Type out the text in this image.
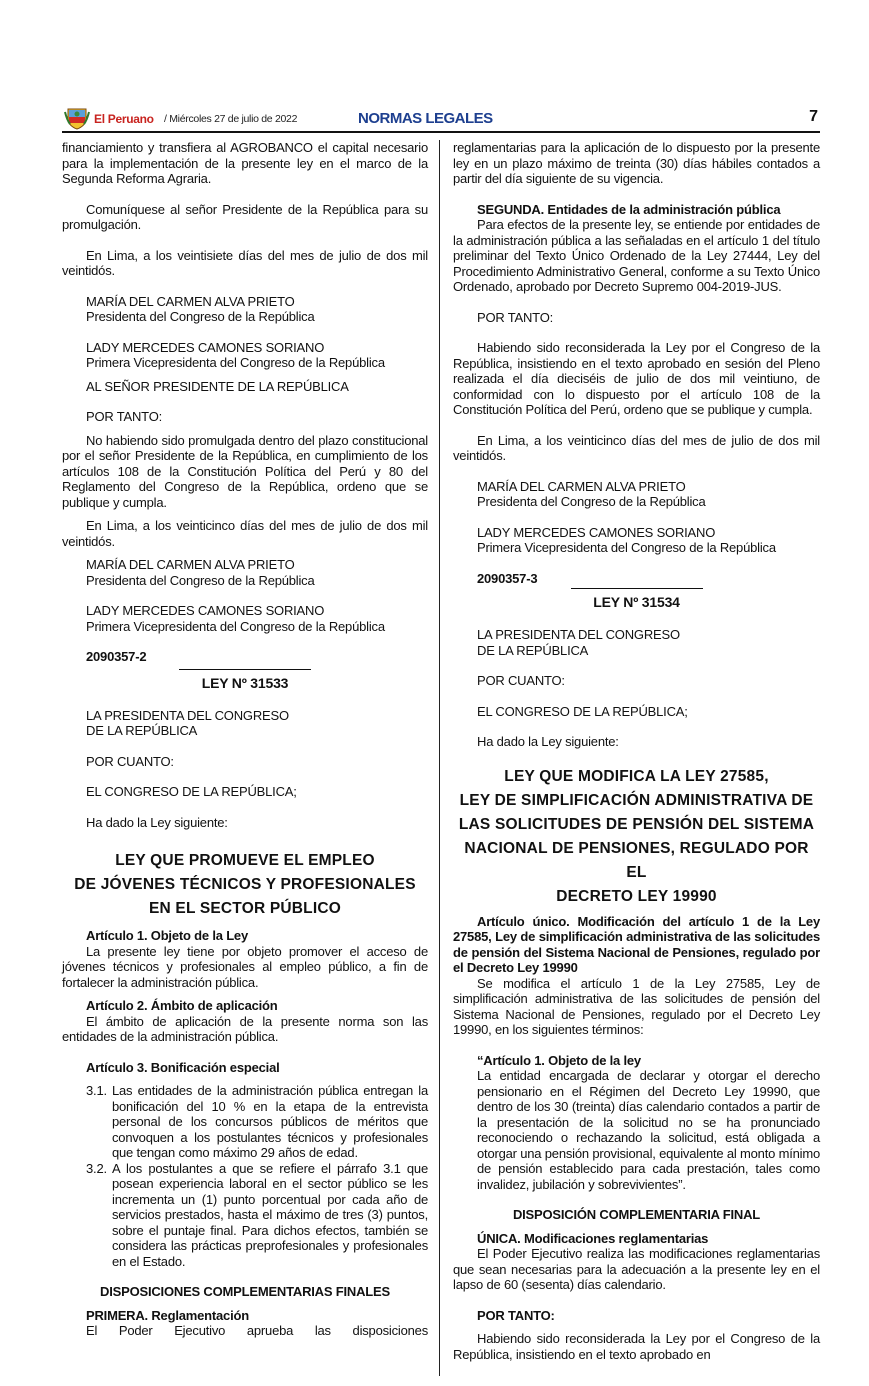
El Peruano / Miércoles 27 de julio de 2022	NORMAS LEGALES	7

financiamiento y transfiera al AGROBANCO el capital necesario para la implementación de la presente ley en el marco de la Segunda Reforma Agraria.

Comuníquese al señor Presidente de la República para su promulgación.

En Lima, a los veintisiete días del mes de julio de dos mil veintidós.

MARÍA DEL CARMEN ALVA PRIETO

Presidenta del Congreso de la República

LADY MERCEDES CAMONES SORIANO

Primera Vicepresidenta del Congreso de la República

AL SEÑOR PRESIDENTE DE LA REPÚBLICA

POR TANTO:

No habiendo sido promulgada dentro del plazo constitucional por el señor Presidente de la República, en cumplimiento de los artículos 108 de la Constitución Política del Perú y 80 del Reglamento del Congreso de la República, ordeno que se publique y cumpla.

En Lima, a los veinticinco días del mes de julio de dos mil veintidós.

MARÍA DEL CARMEN ALVA PRIETO

Presidenta del Congreso de la República

LADY MERCEDES CAMONES SORIANO

Primera Vicepresidenta del Congreso de la República

2090357-2

LEY Nº 31533

LA PRESIDENTA DEL CONGRESO

DE LA REPÚBLICA

POR CUANTO:

EL CONGRESO DE LA REPÚBLICA;

Ha dado la Ley siguiente:

LEY QUE PROMUEVE EL EMPLEO

DE JÓVENES TÉCNICOS Y PROFESIONALES

EN EL SECTOR PÚBLICO

Artículo 1. Objeto de la Ley

La presente ley tiene por objeto promover el acceso de jóvenes técnicos y profesionales al empleo público, a fin de fortalecer la administración pública.

Artículo 2. Ámbito de aplicación

El ámbito de aplicación de la presente norma son las entidades de la administración pública.

Artículo 3. Bonificación especial

3.1. Las entidades de la administración pública entregan la bonificación del 10 % en la etapa de la entrevista personal de los concursos públicos de méritos que convoquen a los postulantes técnicos y profesionales que tengan como máximo 29 años de edad.
3.2. A los postulantes a que se refiere el párrafo 3.1 que posean experiencia laboral en el sector público se les incrementa un (1) punto porcentual por cada año de servicios prestados, hasta el máximo de tres (3) puntos, sobre el puntaje final. Para dichos efectos, también se considera las prácticas preprofesionales y profesionales en el Estado.

DISPOSICIONES COMPLEMENTARIAS FINALES

PRIMERA. Reglamentación

El Poder Ejecutivo aprueba las disposiciones

reglamentarias para la aplicación de lo dispuesto por la presente ley en un plazo máximo de treinta (30) días hábiles contados a partir del día siguiente de su vigencia.

SEGUNDA. Entidades de la administración pública

Para efectos de la presente ley, se entiende por entidades de la administración pública a las señaladas en el artículo 1 del título preliminar del Texto Único Ordenado de la Ley 27444, Ley del Procedimiento Administrativo General, conforme a su Texto Único Ordenado, aprobado por Decreto Supremo 004-2019-JUS.

POR TANTO:

Habiendo sido reconsiderada la Ley por el Congreso de la República, insistiendo en el texto aprobado en sesión del Pleno realizada el día dieciséis de julio de dos mil veintiuno, de conformidad con lo dispuesto por el artículo 108 de la Constitución Política del Perú, ordeno que se publique y cumpla.

En Lima, a los veinticinco días del mes de julio de dos mil veintidós.

MARÍA DEL CARMEN ALVA PRIETO

Presidenta del Congreso de la República

LADY MERCEDES CAMONES SORIANO

Primera Vicepresidenta del Congreso de la República

2090357-3

LEY Nº 31534

LA PRESIDENTA DEL CONGRESO

DE LA REPÚBLICA

POR CUANTO:

EL CONGRESO DE LA REPÚBLICA;

Ha dado la Ley siguiente:

LEY QUE MODIFICA LA LEY 27585,

LEY DE SIMPLIFICACIÓN ADMINISTRATIVA DE

LAS SOLICITUDES DE PENSIÓN DEL SISTEMA

NACIONAL DE PENSIONES, REGULADO POR EL

DECRETO LEY 19990

Artículo único. Modificación del artículo 1 de la Ley 27585, Ley de simplificación administrativa de las solicitudes de pensión del Sistema Nacional de Pensiones, regulado por el Decreto Ley 19990

Se modifica el artículo 1 de la Ley 27585, Ley de simplificación administrativa de las solicitudes de pensión del Sistema Nacional de Pensiones, regulado por el Decreto Ley 19990, en los siguientes términos:

“Artículo 1. Objeto de la ley

La entidad encargada de declarar y otorgar el derecho pensionario en el Régimen del Decreto Ley 19990, que dentro de los 30 (treinta) días calendario contados a partir de la presentación de la solicitud no se ha pronunciado reconociendo o rechazando la solicitud, está obligada a otorgar una pensión provisional, equivalente al monto mínimo de pensión establecido para cada prestación, tales como invalidez, jubilación y sobrevivientes”.

DISPOSICIÓN COMPLEMENTARIA FINAL

ÚNICA. Modificaciones reglamentarias

El Poder Ejecutivo realiza las modificaciones reglamentarias que sean necesarias para la adecuación a la presente ley en el lapso de 60 (sesenta) días calendario.

POR TANTO:

Habiendo sido reconsiderada la Ley por el Congreso de la República, insistiendo en el texto aprobado en
